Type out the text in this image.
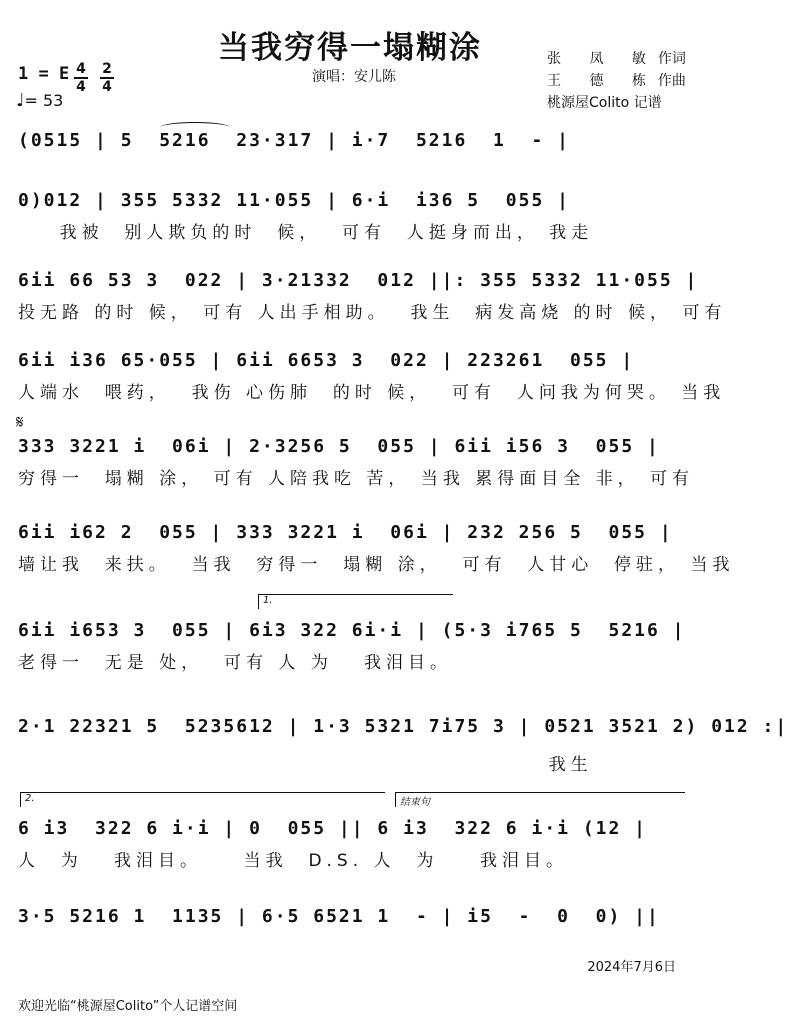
当我穷得一塌糊涂
演唱：安儿陈
张 凤 敏作词
王 德 栋作曲
桃源屋Colito 记谱
1 = E 4
4
2
4
♩= 53
(0515 | 5  5216  23·317 | i·7  5216  1  - |
0)012 | 355 5332 11·055 | 6·i  i36 5  055 |
我被  别人欺负的时  候，  可有  人挺身而出， 我走
6ii 66 53 3  022 | 3·21332  012 ||: 355 5332 11·055 |
投无路 的时 候， 可有 人出手相助。  我生  病发高烧 的时 候， 可有
6ii i36 65·055 | 6ii 6653 3  022 | 223261  055 |
人端水  喂药，  我伤 心伤肺  的时 候，  可有  人问我为何哭。 当我
𝄋
333 3221 i  06i | 2·3256 5  055 | 6ii i56 3  055 |
穷得一  塌糊 涂， 可有 人陪我吃 苦， 当我 累得面目全 非， 可有
6ii i62 2  055 | 333 3221 i  06i | 232 256 5  055 |
墙让我  来扶。  当我  穷得一  塌糊 涂，  可有  人甘心  停驻， 当我
1.
6ii i653 3  055 | 6i3 322 6i·i | (5·3 i765 5  5216 |
老得一  无是 处，  可有 人 为   我泪目。
2·1 22321 5  5235612 | 1·3 5321 7i75 3 | 0521 3521 2) 012 :|
我生
2.	结束句
6 i3  322 6 i·i | 0  055 || 6 i3  322 6 i·i (12 |
人  为   我泪目。    当我  D.S. 人  为    我泪目。
3·5 5216 1  1135 | 6·5 6521 1  - | i5  -  0  0) ||
2024年7月6日
欢迎光临“桃源屋Colito”个人记谱空间
